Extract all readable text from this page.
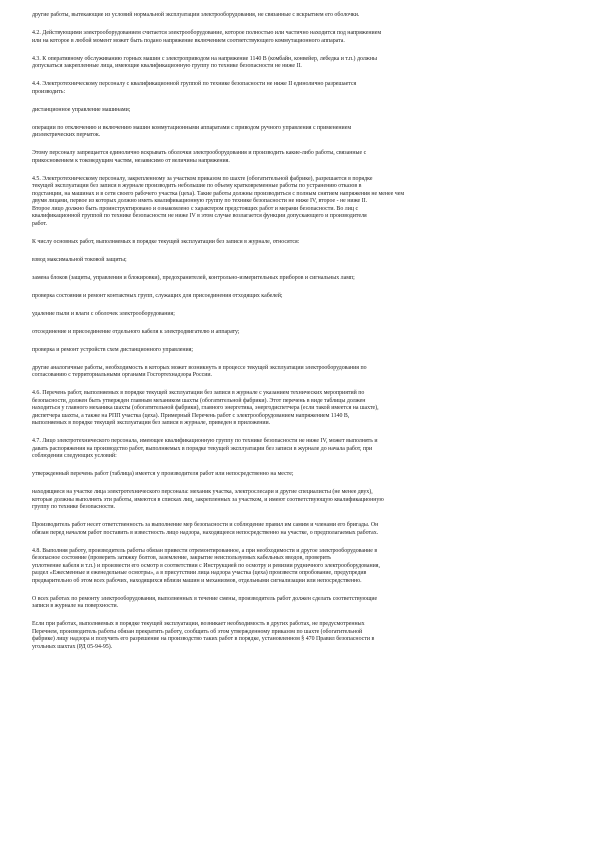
другие работы, вытекающие из условий нормальной эксплуатации электрооборудования, не связанные с вскрытием его оболочки.

4.2. Действующими электрооборудованием считается электрооборудование, которое полностью или частично находится под напряжением
или на которое в любой момент может быть подано напряжение включением соответствующего коммутационного аппарата.

4.3. К оперативному обслуживанию горных машин с электроприводом на напряжение 1140 В (комбайн, конвейер, лебедка и т.п.) должны
допускаться закрепленные лица, имеющие квалификационную группу по технике безопасности не ниже II.

4.4. Электротехническому персоналу с квалификационной группой по технике безопасности не ниже II единолично разрешается
производить:

дистанционное управление машинами;

операции по отключению и включению машин коммутационными аппаратами с приводом ручного управления с применением
диэлектрических перчаток.

Этому персоналу запрещается единолично вскрывать оболочки электрооборудования и производить какие-либо работы, связанные с
прикосновением к токоведущим частям, независимо от величины напряжения.

4.5. Электротехническому персоналу, закрепленному за участком приказом по шахте (обогатительной фабрике), разрешается в порядке
текущей эксплуатации без записи в журнале производить небольшие по объему кратковременные работы по устранению отказов в
подстанции, на машинах и в сети своего рабочего участка (цеха). Такие работы должны производиться с полным снятием напряжения не менее чем
двумя лицами, первое из которых должно иметь квалификационную группу по технике безопасности не ниже IV, второе - не ниже II.
Второе лицо должно быть проинструктировано и ознакомлено с характером предстоящих работ и мерами безопасности. Во лиц с
квалификационной группой по технике безопасности не ниже IV в этом случае возлагается функции допускающего и производителя
работ.

К числу основных работ, выполняемых в порядке текущей эксплуатации без записи в журнале, относятся:

взвод максимальной токовой защиты;

замена блоков (защиты, управления и блокировки), предохранителей, контрольно-измерительных приборов и сигнальных ламп;

проверка состояния и ремонт контактных групп, служащих для присоединения отходящих кабелей;

удаление пыли и влаги с оболочек электрооборудования;

отсоединение и присоединение отдельного кабеля к электродвигателю и аппарату;

проверка и ремонт устройств схем дистанционного управления;

другие аналогичные работы, необходимость в которых может возникнуть в процессе текущей эксплуатации электрооборудования по
согласованию с территориальными органами Госгортехнадзора России.

4.6. Перечень работ, выполняемых в порядке текущей эксплуатации без записи в журнале с указанием технических мероприятий по
безопасности, должен быть утвержден главным механиком шахты (обогатительной фабрики). Этот перечень в виде таблицы должен
находиться у главного механика шахты (обогатительной фабрики), главного энергетика, энергодиспетчера (если такой имеется на шахте),
диспетчера шахты, а также на РПП участка (цеха). Примерный Перечень работ с электрооборудованием напряжением 1140 В,
выполняемых в порядке текущей эксплуатации без записи в журнале, приведен в приложении.

4.7. Лицо электротехнического персонала, имеющее квалификационную группу по технике безопасности не ниже IV, может выполнять и
давать распоряжения на производство работ, выполняемых в порядке текущей эксплуатации без записи в журнале до начала работ, при
соблюдении следующих условий:

утвержденный перечень работ (таблица) имеется у производителя работ или непосредственно на месте;

находящиеся на участке лица электротехнического персонала: механик участка, электрослесари и другие специалисты (не менее двух),
которые должны выполнять эти работы, имеются в списках лиц, закрепленных за участком, и имеют соответствующую квалификационную
группу по технике безопасности.

Производитель работ несет ответственность за выполнение мер безопасности и соблюдение правил им самим и членами его бригады. Он
обязан перед началом работ поставить в известность лицо надзора, находящееся непосредственно на участке, о предполагаемых работах.

4.8. Выполняя работу, производитель работы обязан привести отремонтированное, а при необходимости и другое электрооборудование в
безопасное состояние (проверить затяжку болтов, заземление, закрытие неиспользуемых кабельных вводов, проверить
уплотнение кабеля и т.п.) и произвести его осмотр в соответствии с Инструкцией по осмотру и ревизии рудничного электрооборудования,
раздел «Ежесменные и еженедельные осмотры», а в присутствии лица надзора участка (цеха) произвести опробование, предупредив
предварительно об этом всех рабочих, находящихся вблизи машин и механизмов, отдельными сигнализации или непосредственно.

О всех работах по ремонту электрооборудования, выполненных в течение смены, производитель работ должен сделать соответствующие
записи в журнале на поверхности.

Если при работах, выполняемых в порядке текущей эксплуатации, возникает необходимость в других работах, не предусмотренных
Перечнем, производитель работы обязан прекратить работу, сообщить об этом утвержденному приказом по шахте (обогатительной
фабрике) лицу надзора и получить его разрешение на производство таких работ в порядке, установленном § 470 Правил безопасности в
угольных шахтах (РД 05-94-95).
